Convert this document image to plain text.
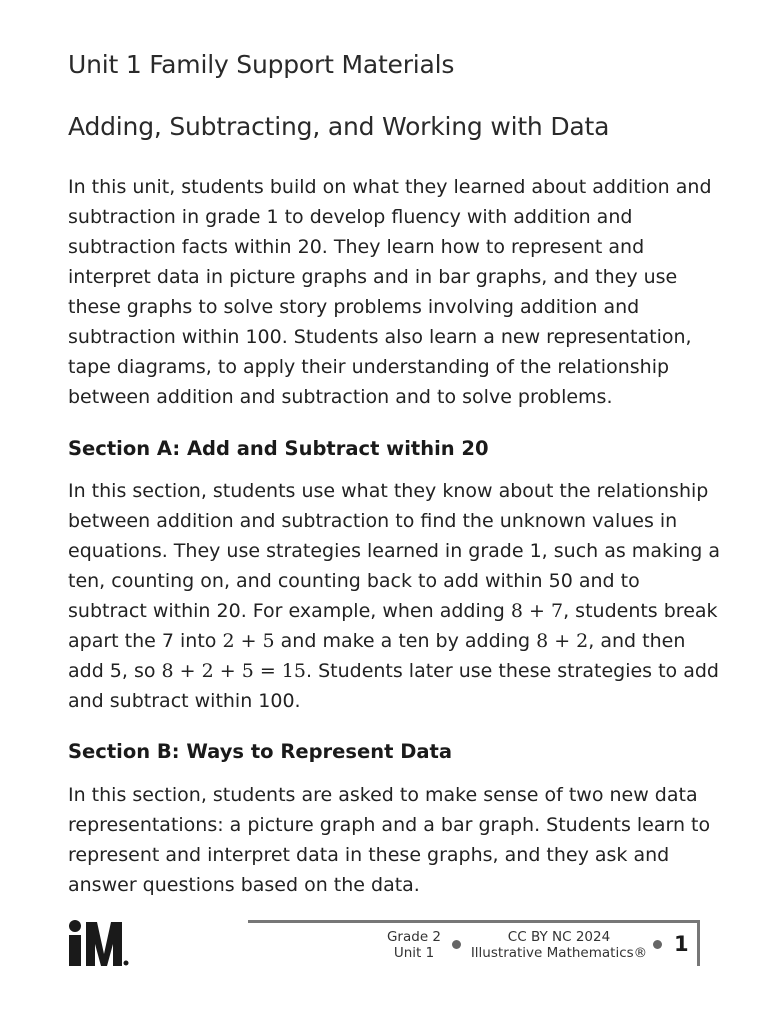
Unit 1 Family Support Materials
Adding, Subtracting, and Working with Data

In this unit, students build on what they learned about addition and
subtraction in grade 1 to develop fluency with addition and
subtraction facts within 20. They learn how to represent and
interpret data in picture graphs and in bar graphs, and they use
these graphs to solve story problems involving addition and
subtraction within 100. Students also learn a new representation,
tape diagrams, to apply their understanding of the relationship
between addition and subtraction and to solve problems.

Section A: Add and Subtract within 20

In this section, students use what they know about the relationship
between addition and subtraction to find the unknown values in
equations. They use strategies learned in grade 1, such as making a
ten, counting on, and counting back to add within 50 and to
subtract within 20. For example, when adding 8 + 7, students break
apart the 7 into 2 + 5 and make a ten by adding 8 + 2, and then
add 5, so 8 + 2 + 5 = 15. Students later use these strategies to add
and subtract within 100.

Section B: Ways to Represent Data

In this section, students are asked to make sense of two new data
representations: a picture graph and a bar graph. Students learn to
represent and interpret data in these graphs, and they ask and
answer questions based on the data.

Grade 2
Unit 1
CC BY NC 2024
Illustrative Mathematics® 1
